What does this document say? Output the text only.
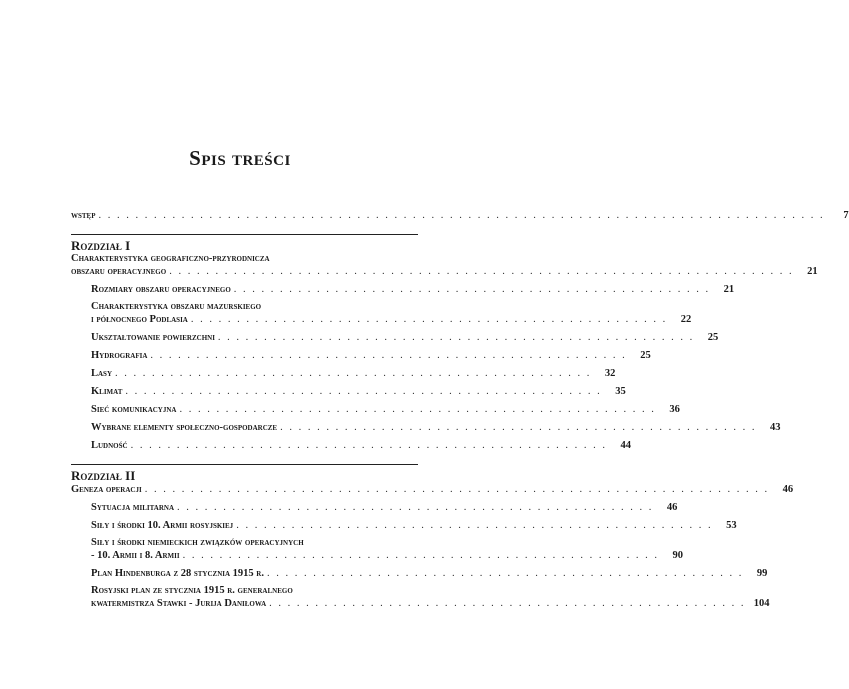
Spis treści
wstęp . . . . . . . . . . . . . . . . . . . . . . . . . . . . . . . . . . . . . . . . . . . . . . . . . . . . . . . . . . . . . . . . . . . . . . . . . . . . . . .	7
Rozdział I
Charakterystyka geograficzno-przyrodnicza
obszaru operacyjnego . . . . . . . . . . . . . . . . . . . . . . . . . . . . . . . . . . . . . . . . . . . . . . . . . . . . . . . . . . . . . . . . . . . .	21
Rozmiary obszaru operacyjnego . . . . . . . . . . . . . . . . . . . . . . . . . . . . . . . . . . . . . . . . . . . . . . . . . . . .	21
Charakterystyka obszaru mazurskiego
i północnego Podlasia . . . . . . . . . . . . . . . . . . . . . . . . . . . . . . . . . . . . . . . . . . . . . . . . . . . .	22
Ukształtowanie powierzchni . . . . . . . . . . . . . . . . . . . . . . . . . . . . . . . . . . . . . . . . . . . . . . . . . . . .	25
Hydrografia . . . . . . . . . . . . . . . . . . . . . . . . . . . . . . . . . . . . . . . . . . . . . . . . . . . .	25
Lasy . . . . . . . . . . . . . . . . . . . . . . . . . . . . . . . . . . . . . . . . . . . . . . . . . . . .	32
Klimat . . . . . . . . . . . . . . . . . . . . . . . . . . . . . . . . . . . . . . . . . . . . . . . . . . . .	35
Sieć komunikacyjna . . . . . . . . . . . . . . . . . . . . . . . . . . . . . . . . . . . . . . . . . . . . . . . . . . . .	36
Wybrane elementy społeczno-gospodarcze . . . . . . . . . . . . . . . . . . . . . . . . . . . . . . . . . . . . . . . . . . . . . . . . . . . .	43
Ludność . . . . . . . . . . . . . . . . . . . . . . . . . . . . . . . . . . . . . . . . . . . . . . . . . . . .	44
Rozdział II
Geneza operacji . . . . . . . . . . . . . . . . . . . . . . . . . . . . . . . . . . . . . . . . . . . . . . . . . . . . . . . . . . . . . . . . . . . .	46
Sytuacja militarna . . . . . . . . . . . . . . . . . . . . . . . . . . . . . . . . . . . . . . . . . . . . . . . . . . . .	46
Siły i środki 10. Armii rosyjskiej . . . . . . . . . . . . . . . . . . . . . . . . . . . . . . . . . . . . . . . . . . . . . . . . . . . .	53
Siły i środki niemieckich związków operacyjnych
- 10. Armii i 8. Armii . . . . . . . . . . . . . . . . . . . . . . . . . . . . . . . . . . . . . . . . . . . . . . . . . . . .	90
Plan Hindenburga z 28 stycznia 1915 r. . . . . . . . . . . . . . . . . . . . . . . . . . . . . . . . . . . . . . . . . . . . . . . . . . . . .	99
Rosyjski plan ze stycznia 1915 r. generalnego
kwatermistrza Stawki - Jurija Daniłowa . . . . . . . . . . . . . . . . . . . . . . . . . . . . . . . . . . . . . . . . . . . . . . . . . . . . 104
